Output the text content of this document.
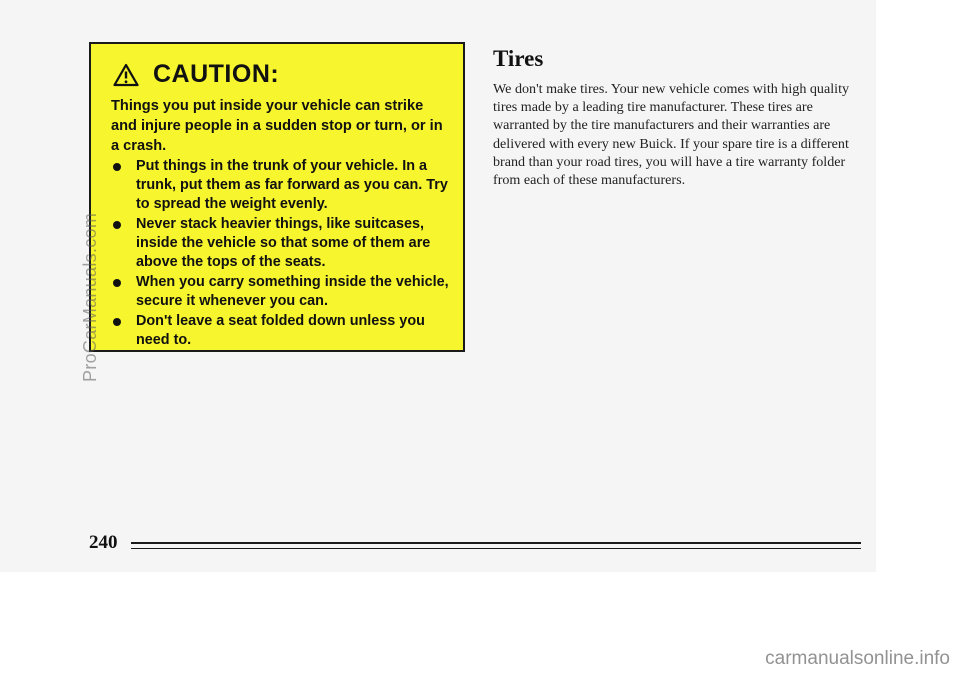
CAUTION:

Things you put inside your vehicle can strike and injure people in a sudden stop or turn, or in a crash.

Put things in the trunk of your vehicle. In a trunk, put them as far forward as you can. Try to spread the weight evenly.
Never stack heavier things, like suitcases, inside the vehicle so that some of them are above the tops of the seats.
When you carry something inside the vehicle, secure it whenever you can.
Don't leave a seat folded down unless you need to.
Tires

We don't make tires. Your new vehicle comes with high quality tires made by a leading tire manufacturer. These tires are warranted by the tire manufacturers and their warranties are delivered with every new Buick. If your spare tire is a different brand than your road tires, you will have a tire warranty folder from each of these manufacturers.

240
ProCarManuals.com
carmanualsonline.info
